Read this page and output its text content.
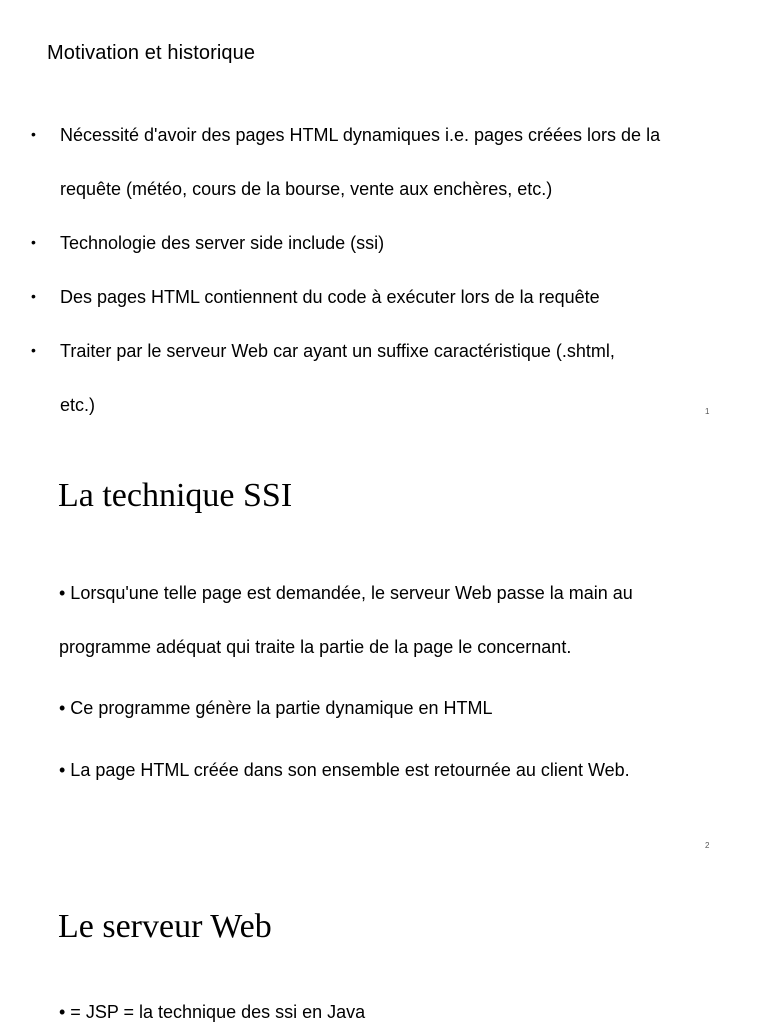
Motivation et historique
• Nécessité d'avoir des pages HTML dynamiques i.e. pages créées lors de la
requête (météo, cours de la bourse, vente aux enchères, etc.)
• Technologie des server side include (ssi)
• Des pages HTML contiennent du code à exécuter lors de la requête
• Traiter par le serveur Web car ayant un suffixe caractéristique (.shtml,
etc.)	1
La technique SSI
• Lorsqu'une telle page est demandée, le serveur Web passe la main au
programme adéquat qui traite la partie de la page le concernant.
• Ce programme génère la partie dynamique en HTML
• La page HTML créée dans son ensemble est retournée au client Web.
2
Le serveur Web
• = JSP = la technique des ssi en Java
